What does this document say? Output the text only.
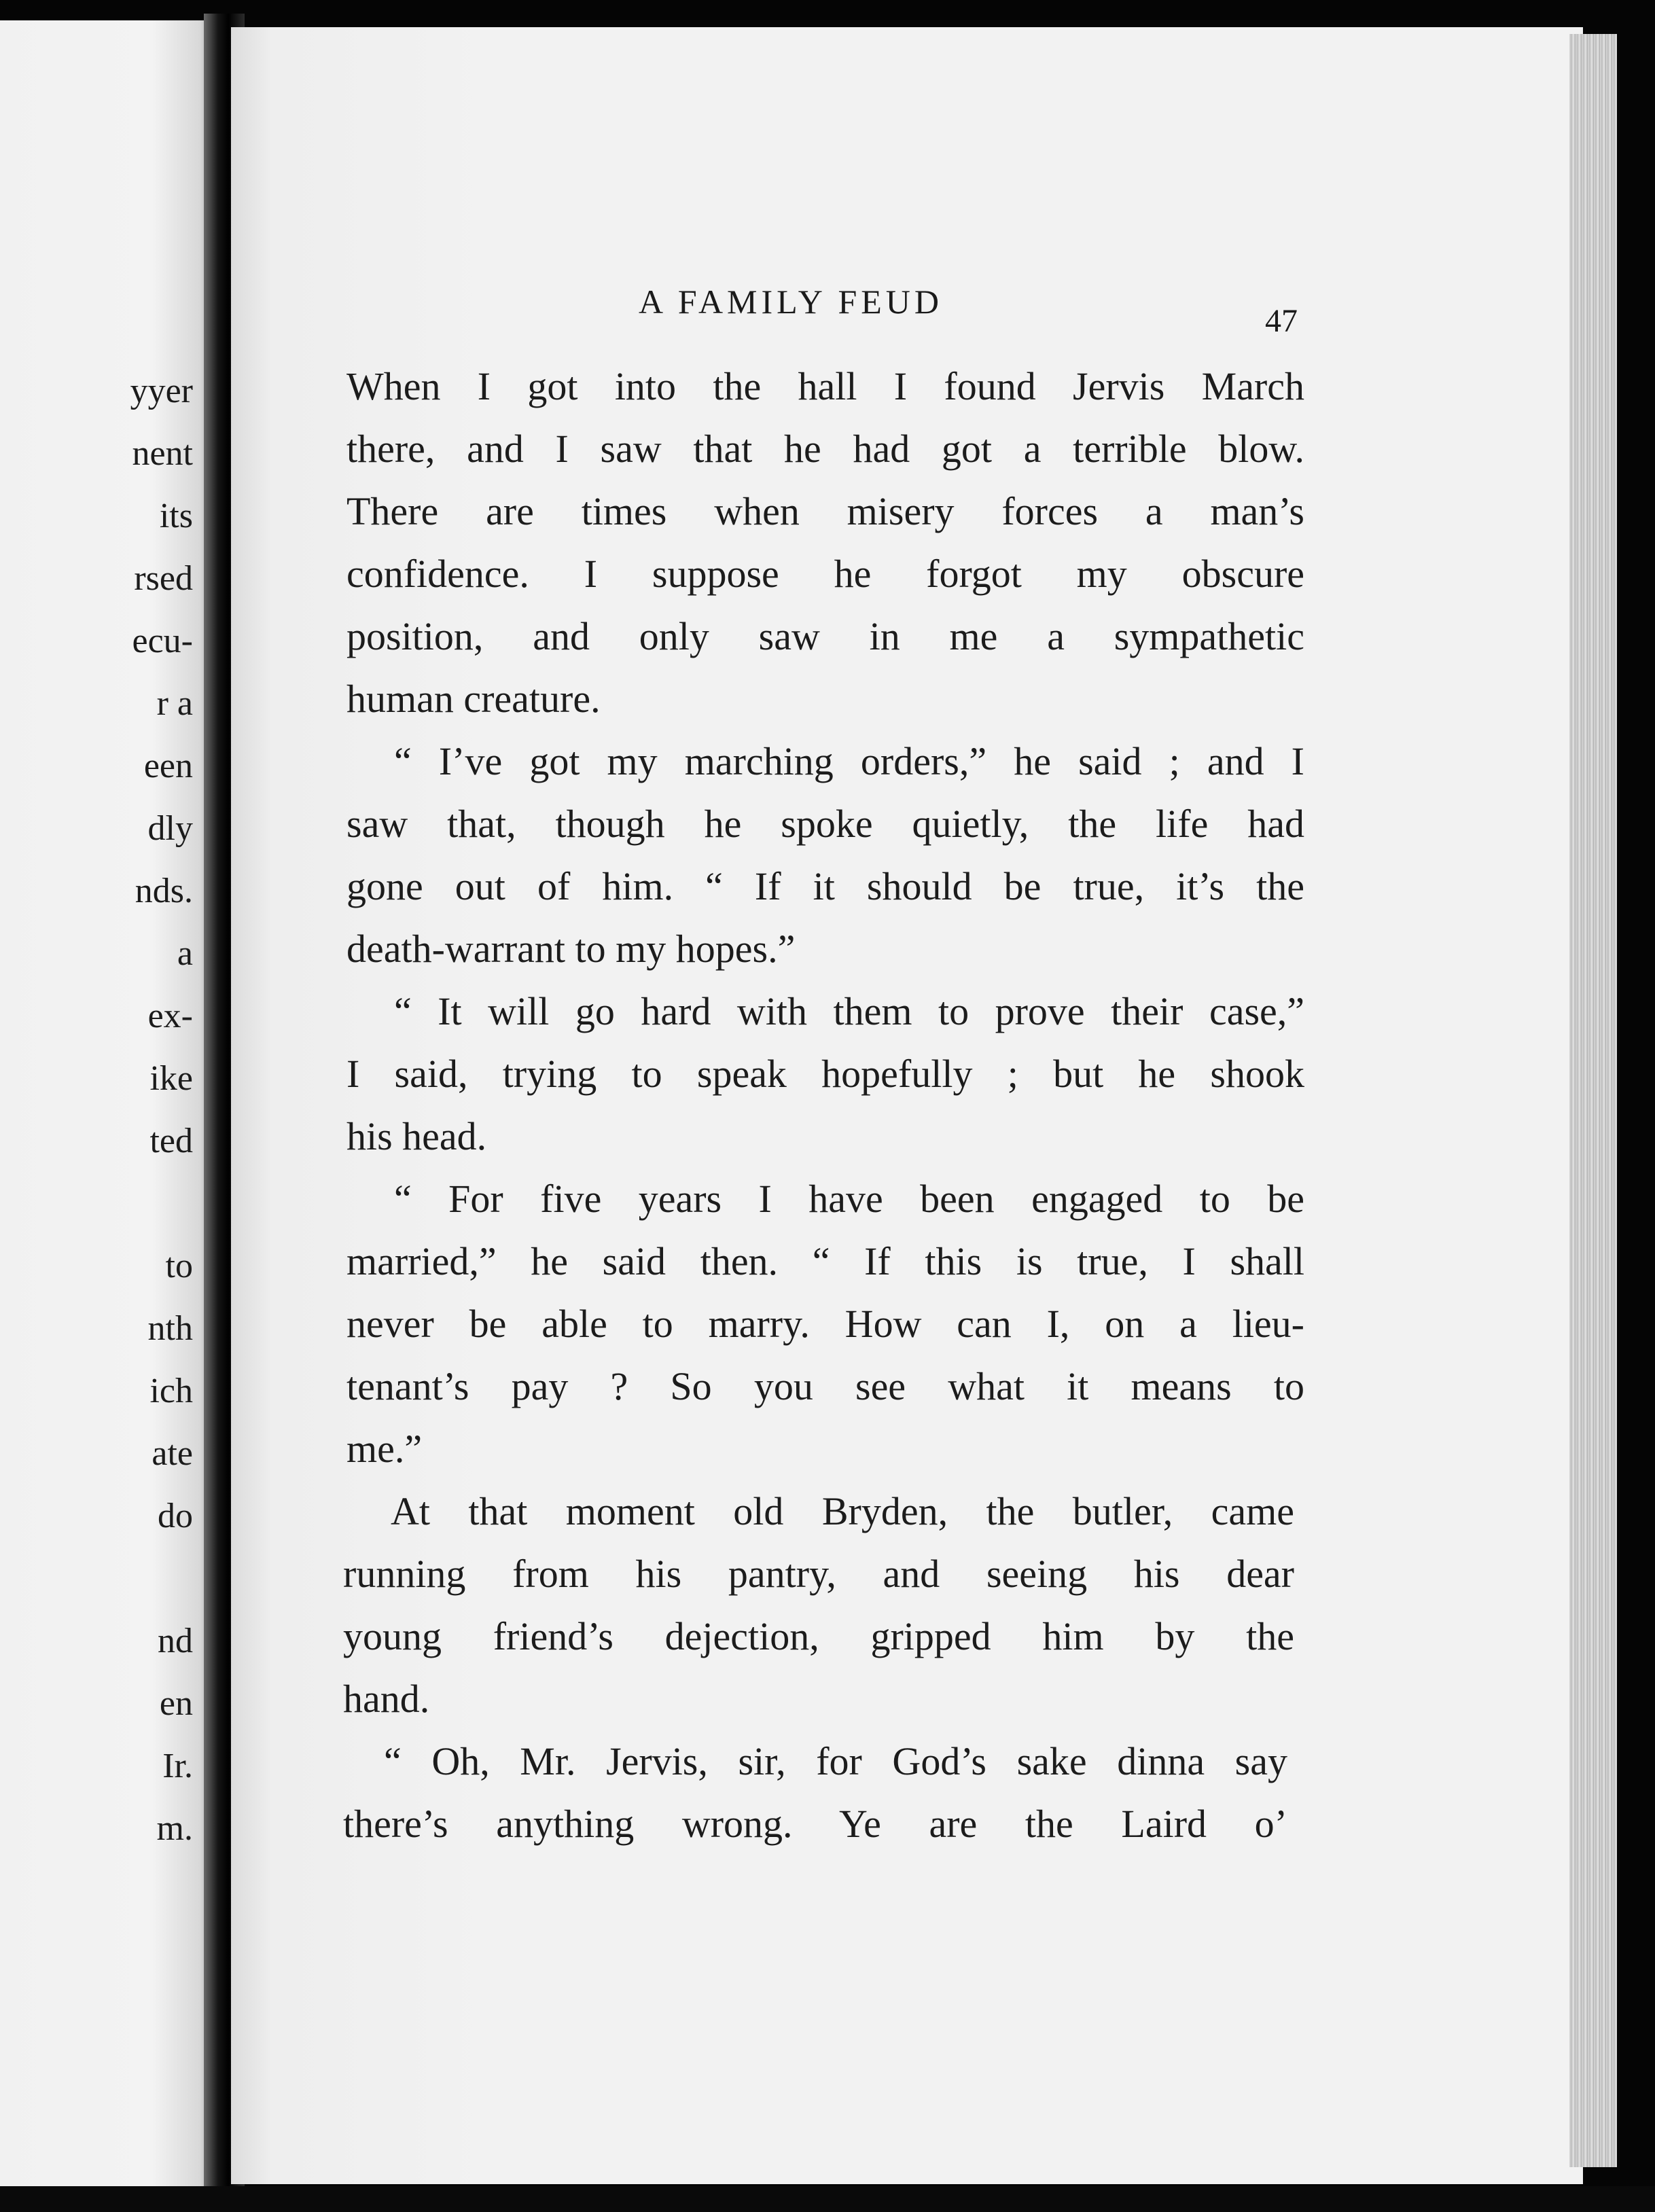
yyer

nent

its

rsed

ecu-

r a

een

dly

nds.

a

ex-

ike

ted

to

nth

ich

ate

do

nd

en

Ir.

m.

A FAMILY FEUD

47

When I got into the hall I found Jervis March

there, and I saw that he had got a terrible blow.

There are times when misery forces a man’s

confidence. I suppose he forgot my obscure

position, and only saw in me a sympathetic

human creature.

“ I’ve got my marching orders,” he said ; and I

saw that, though he spoke quietly, the life had

gone out of him. “ If it should be true, it’s the

death-warrant to my hopes.”

“ It will go hard with them to prove their case,”

I said, trying to speak hopefully ; but he shook

his head.

“ For five years I have been engaged to be

married,” he said then. “ If this is true, I shall

never be able to marry. How can I, on a lieu-

tenant’s pay ? So you see what it means to

me.”

At that moment old Bryden, the butler, came

running from his pantry, and seeing his dear

young friend’s dejection, gripped him by the

hand.

“ Oh, Mr. Jervis, sir, for God’s sake dinna say

there’s anything wrong. Ye are the Laird o’
